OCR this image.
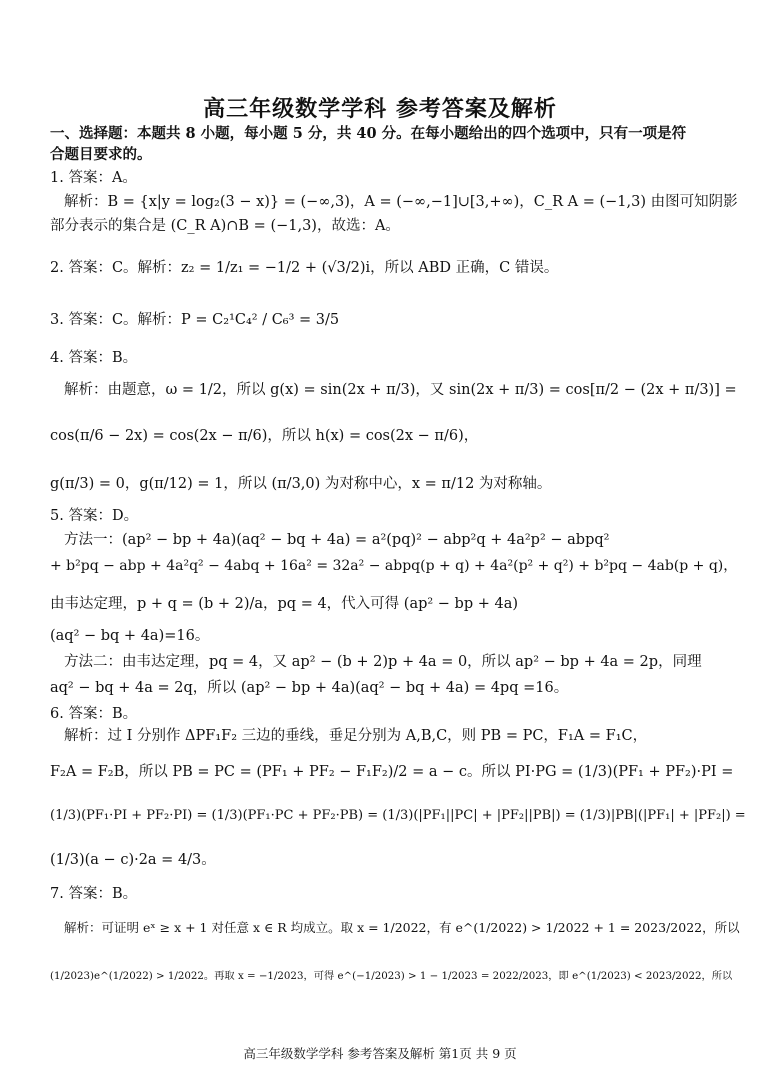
高三年级数学学科 参考答案及解析
一、选择题：本题共 8 小题，每小题 5 分，共 40 分。在每小题给出的四个选项中，只有一项是符
合题目要求的。
1. 答案：A。
解析：B = {x|y = log₂(3 − x)} = (−∞,3)，A = (−∞,−1]∪[3,+∞)，C_R A = (−1,3) 由图可知阴影
部分表示的集合是 (C_R A)∩B = (−1,3)，故选：A。
2. 答案：C。解析：z₂ = 1/z₁ = −1/2 + (√3/2)i，所以 ABD 正确，C 错误。
3. 答案：C。解析：P = C₂¹C₄² / C₆³ = 3/5
4. 答案：B。
解析：由题意，ω = 1/2，所以 g(x) = sin(2x + π/3)，又 sin(2x + π/3) = cos[π/2 − (2x + π/3)] =
cos(π/6 − 2x) = cos(2x − π/6)，所以 h(x) = cos(2x − π/6)，
g(π/3) = 0，g(π/12) = 1，所以 (π/3,0) 为对称中心，x = π/12 为对称轴。
5. 答案：D。
方法一：(ap² − bp + 4a)(aq² − bq + 4a) = a²(pq)² − abp²q + 4a²p² − abpq²
+ b²pq − abp + 4a²q² − 4abq + 16a² = 32a² − abpq(p + q) + 4a²(p² + q²) + b²pq − 4ab(p + q)，
由韦达定理，p + q = (b + 2)/a，pq = 4，代入可得 (ap² − bp + 4a)
(aq² − bq + 4a)=16。
方法二：由韦达定理，pq = 4，又 ap² − (b + 2)p + 4a = 0，所以 ap² − bp + 4a = 2p，同理
aq² − bq + 4a = 2q，所以 (ap² − bp + 4a)(aq² − bq + 4a) = 4pq =16。
6. 答案：B。
解析：过 I 分别作 ΔPF₁F₂ 三边的垂线，垂足分别为 A,B,C，则 PB = PC，F₁A = F₁C，
F₂A = F₂B，所以 PB = PC = (PF₁ + PF₂ − F₁F₂)/2 = a − c。所以 PI·PG = (1/3)(PF₁ + PF₂)·PI =
(1/3)(PF₁·PI + PF₂·PI) = (1/3)(PF₁·PC + PF₂·PB) = (1/3)(|PF₁||PC| + |PF₂||PB|) = (1/3)|PB|(|PF₁| + |PF₂|) =
(1/3)(a − c)·2a = 4/3。
7. 答案：B。
解析：可证明 eˣ ≥ x + 1 对任意 x ∈ R 均成立。取 x = 1/2022，有 e^(1/2022) > 1/2022 + 1 = 2023/2022，所以
(1/2023)e^(1/2022) > 1/2022。再取 x = −1/2023，可得 e^(−1/2023) > 1 − 1/2023 = 2022/2023，即 e^(1/2023) < 2023/2022，所以
高三年级数学学科 参考答案及解析 第1页 共 9 页
